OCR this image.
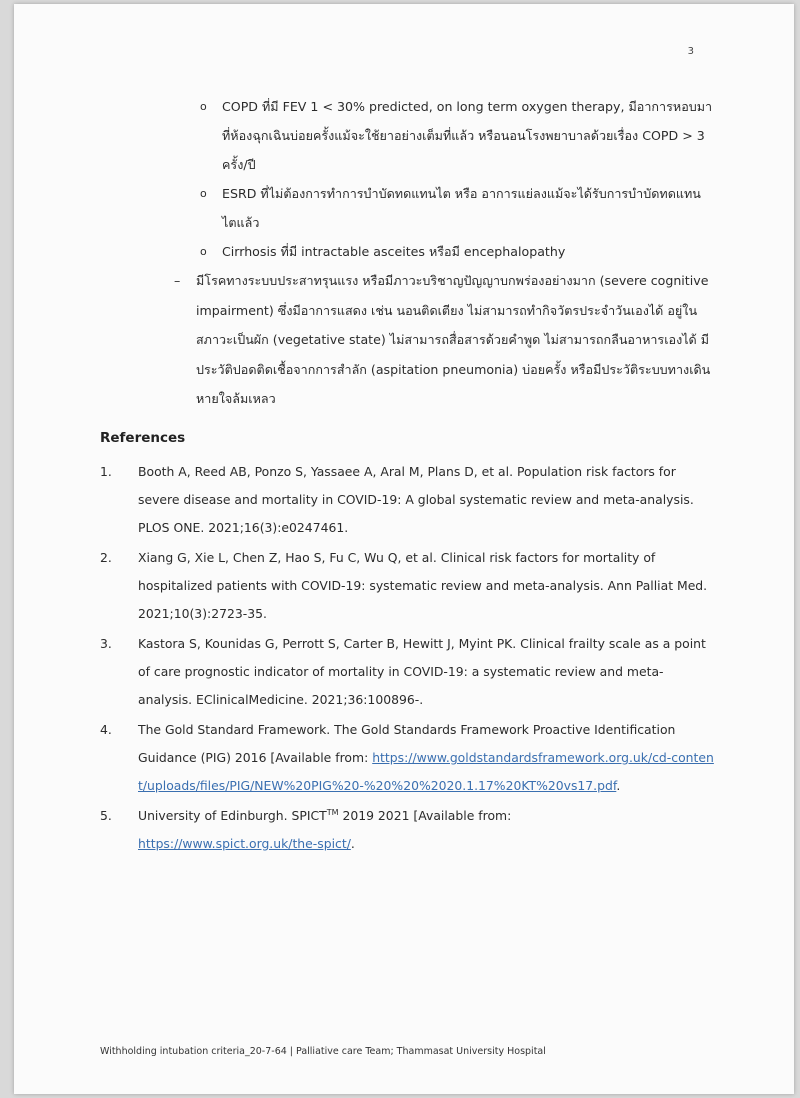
3
o COPD ที่มี FEV 1 < 30% predicted, on long term oxygen therapy, มีอาการหอบมาที่ห้องฉุกเฉินบ่อยครั้งแม้จะใช้ยาอย่างเต็มที่แล้ว หรือนอนโรงพยาบาลด้วยเรื่อง COPD > 3 ครั้ง/ปี
o ESRD ที่ไม่ต้องการทำการบำบัดทดแทนไต หรือ อาการแย่ลงแม้จะได้รับการบำบัดทดแทนไตแล้ว
o Cirrhosis ที่มี intractable asceites หรือมี encephalopathy
– มีโรคทางระบบประสาทรุนแรง หรือมีภาวะบริชาญปัญญาบกพร่องอย่างมาก (severe cognitive impairment) ซึ่งมีอาการแสดง เช่น นอนติดเตียง ไม่สามารถทำกิจวัตรประจำวันเองได้ อยู่ในสภาวะเป็นผัก (vegetative state) ไม่สามารถสื่อสารด้วยคำพูด ไม่สามารถกลืนอาหารเองได้ มีประวัติปอดติดเชื้อจากการสำลัก (aspitation pneumonia) บ่อยครั้ง หรือมีประวัติระบบทางเดินหายใจล้มเหลว
References
1. Booth A, Reed AB, Ponzo S, Yassaee A, Aral M, Plans D, et al. Population risk factors for severe disease and mortality in COVID-19: A global systematic review and meta-analysis. PLOS ONE. 2021;16(3):e0247461.
2. Xiang G, Xie L, Chen Z, Hao S, Fu C, Wu Q, et al. Clinical risk factors for mortality of hospitalized patients with COVID-19: systematic review and meta-analysis. Ann Palliat Med. 2021;10(3):2723-35.
3. Kastora S, Kounidas G, Perrott S, Carter B, Hewitt J, Myint PK. Clinical frailty scale as a point of care prognostic indicator of mortality in COVID-19: a systematic review and meta-analysis. EClinicalMedicine. 2021;36:100896-.
4. The Gold Standard Framework. The Gold Standards Framework Proactive Identification Guidance (PIG) 2016 [Available from: https://www.goldstandardsframework.org.uk/cd-content/uploads/files/PIG/NEW%20PIG%20-%20%20%2020.1.17%20KT%20vs17.pdf.
5. University of Edinburgh. SPICT™ 2019 2021 [Available from:
https://www.spict.org.uk/the-spict/.
Withholding intubation criteria_20-7-64 | Palliative care Team; Thammasat University Hospital
